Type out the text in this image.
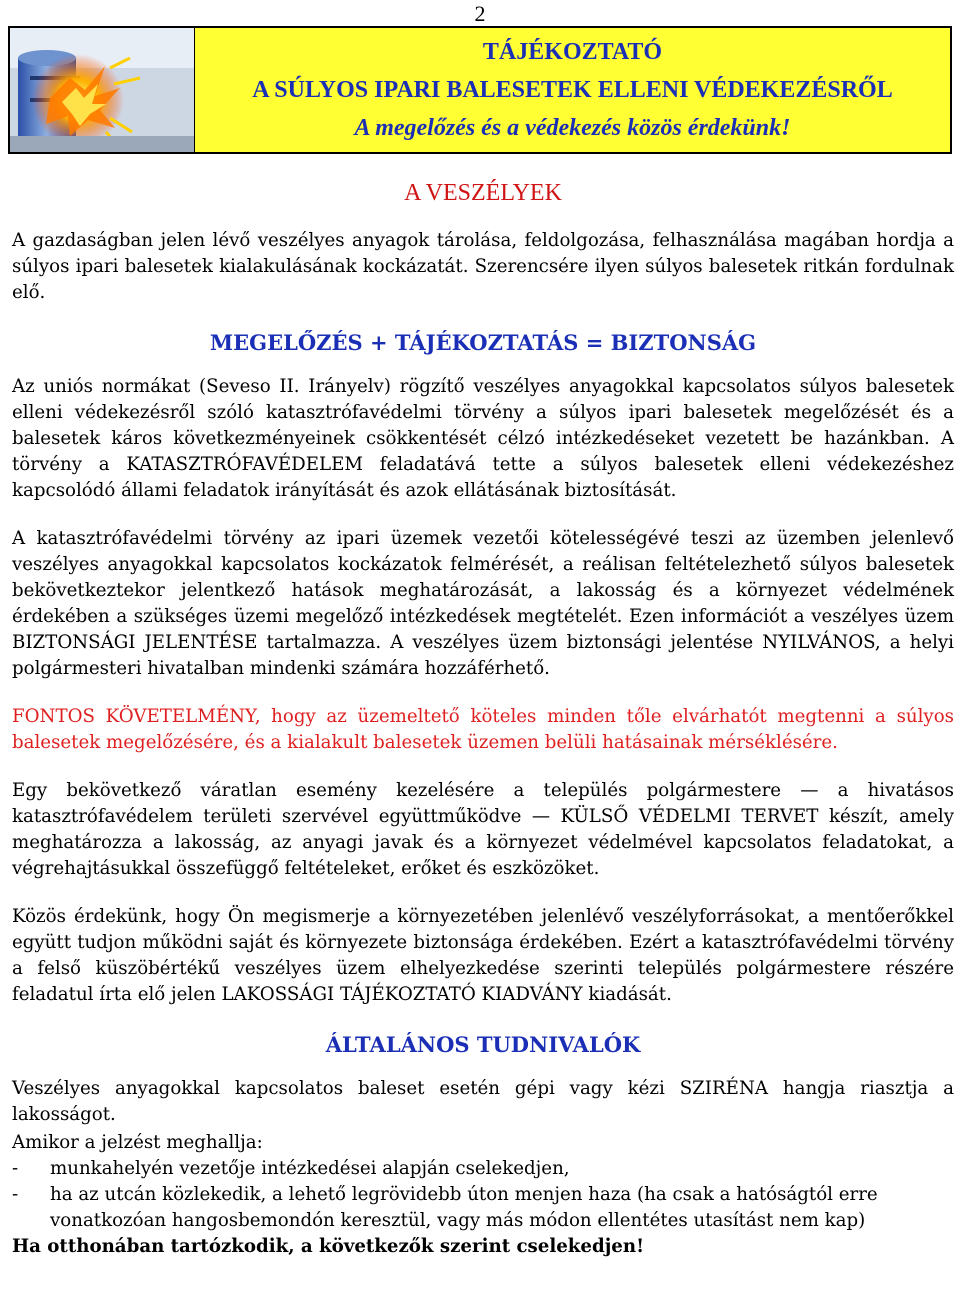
2
TÁJÉKOZTATÓ
A SÚLYOS IPARI BALESETEK ELLENI VÉDEKEZÉSRŐL
A megelőzés és a védekezés közös érdekünk!
A VESZÉLYEK

A gazdaságban jelen lévő veszélyes anyagok tárolása, feldolgozása, felhasználása magában hordja a súlyos ipari balesetek kialakulásának kockázatát. Szerencsére ilyen súlyos balesetek ritkán fordulnak elő.

MEGELŐZÉS + TÁJÉKOZTATÁS = BIZTONSÁG

Az uniós normákat (Seveso II. Irányelv) rögzítő veszélyes anyagokkal kapcsolatos súlyos balesetek elleni védekezésről szóló katasztrófavédelmi törvény a súlyos ipari balesetek megelőzését és a balesetek káros következményeinek csökkentését célzó intézkedéseket vezetett be hazánkban. A törvény a KATASZTRÓFAVÉDELEM feladatává tette a súlyos balesetek elleni védekezéshez kapcsolódó állami feladatok irányítását és azok ellátásának biztosítását.

A katasztrófavédelmi törvény az ipari üzemek vezetői kötelességévé teszi az üzemben jelenlevő veszélyes anyagokkal kapcsolatos kockázatok felmérését, a reálisan feltételezhető súlyos balesetek bekövetkeztekor jelentkező hatások meghatározását, a lakosság és a környezet védelmének érdekében a szükséges üzemi megelőző intézkedések megtételét. Ezen információt a veszélyes üzem BIZTONSÁGI JELENTÉSE tartalmazza. A veszélyes üzem biztonsági jelentése NYILVÁNOS, a helyi polgármesteri hivatalban mindenki számára hozzáférhető.

FONTOS KÖVETELMÉNY, hogy az üzemeltető köteles minden tőle elvárhatót megtenni a súlyos balesetek megelőzésére, és a kialakult balesetek üzemen belüli hatásainak mérséklésére.

Egy bekövetkező váratlan esemény kezelésére a település polgármestere — a hivatásos katasztrófavédelem területi szervével együttműködve — KÜLSŐ VÉDELMI TERVET készít, amely meghatározza a lakosság, az anyagi javak és a környezet védelmével kapcsolatos feladatokat, a végrehajtásukkal összefüggő feltételeket, erőket és eszközöket.

Közös érdekünk, hogy Ön megismerje a környezetében jelenlévő veszélyforrásokat, a mentőerőkkel együtt tudjon működni saját és környezete biztonsága érdekében. Ezért a katasztrófavédelmi törvény a felső küszöbértékű veszélyes üzem elhelyezkedése szerinti település polgármestere részére feladatul írta elő jelen LAKOSSÁGI TÁJÉKOZTATÓ KIADVÁNY kiadását.

ÁLTALÁNOS TUDNIVALÓK

Veszélyes anyagokkal kapcsolatos baleset esetén gépi vagy kézi SZIRÉNA hangja riasztja a lakosságot.

Amikor a jelzést meghallja:
-	munkahelyén vezetője intézkedései alapján cselekedjen,
-	ha az utcán közlekedik, a lehető legrövidebb úton menjen haza (ha csak a hatóságtól erre vonatkozóan hangosbemondón keresztül, vagy más módon ellentétes utasítást nem kap)
Ha otthonában tartózkodik, a következők szerint cselekedjen!
